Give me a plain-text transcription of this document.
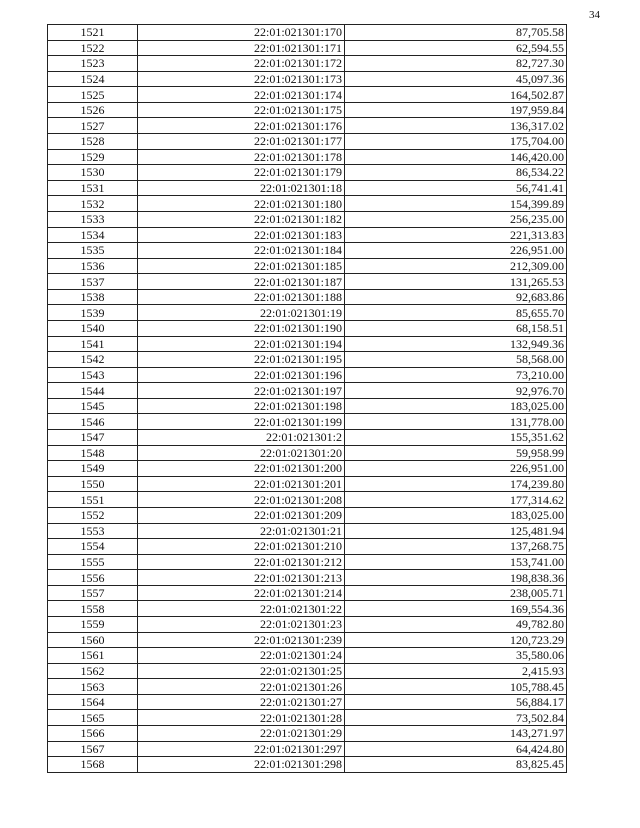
34
1521	22:01:021301:170	87,705.58
1522	22:01:021301:171	62,594.55
1523	22:01:021301:172	82,727.30
1524	22:01:021301:173	45,097.36
1525	22:01:021301:174	164,502.87
1526	22:01:021301:175	197,959.84
1527	22:01:021301:176	136,317.02
1528	22:01:021301:177	175,704.00
1529	22:01:021301:178	146,420.00
1530	22:01:021301:179	86,534.22
1531	22:01:021301:18	56,741.41
1532	22:01:021301:180	154,399.89
1533	22:01:021301:182	256,235.00
1534	22:01:021301:183	221,313.83
1535	22:01:021301:184	226,951.00
1536	22:01:021301:185	212,309.00
1537	22:01:021301:187	131,265.53
1538	22:01:021301:188	92,683.86
1539	22:01:021301:19	85,655.70
1540	22:01:021301:190	68,158.51
1541	22:01:021301:194	132,949.36
1542	22:01:021301:195	58,568.00
1543	22:01:021301:196	73,210.00
1544	22:01:021301:197	92,976.70
1545	22:01:021301:198	183,025.00
1546	22:01:021301:199	131,778.00
1547	22:01:021301:2	155,351.62
1548	22:01:021301:20	59,958.99
1549	22:01:021301:200	226,951.00
1550	22:01:021301:201	174,239.80
1551	22:01:021301:208	177,314.62
1552	22:01:021301:209	183,025.00
1553	22:01:021301:21	125,481.94
1554	22:01:021301:210	137,268.75
1555	22:01:021301:212	153,741.00
1556	22:01:021301:213	198,838.36
1557	22:01:021301:214	238,005.71
1558	22:01:021301:22	169,554.36
1559	22:01:021301:23	49,782.80
1560	22:01:021301:239	120,723.29
1561	22:01:021301:24	35,580.06
1562	22:01:021301:25	2,415.93
1563	22:01:021301:26	105,788.45
1564	22:01:021301:27	56,884.17
1565	22:01:021301:28	73,502.84
1566	22:01:021301:29	143,271.97
1567	22:01:021301:297	64,424.80
1568	22:01:021301:298	83,825.45
